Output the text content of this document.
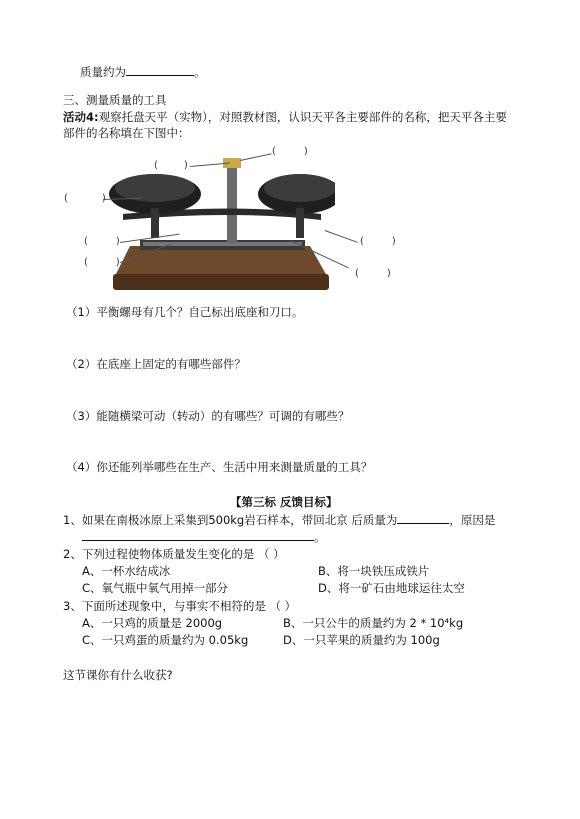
质量约为	。
三、测量质量的工具
活动4:观察托盘天平（实物），对照教材图，认识天平各主要部件的名称，把天平各主要
部件的名称填在下图中：
(
(	)
(	)
(	)
(	)
(	)
(	)
（1）平衡螺母有几个？自己标出底座和刀口。
（2）在底座上固定的有哪些部件？
（3）能随横梁可动（转动）的有哪些？可调的有哪些？
（4）你还能列举哪些在生产、生活中用来测量质量的工具？
【第三标 反馈目标】
1、如果在南极冰原上采集到500kg岩石样本，带回北京 后质量为	，原因是
。
2、下列过程使物体质量发生变化的是 （ ）
A、一杯水结成冰	B、将一块铁压成铁片
C、氧气瓶中氧气用掉一部分	D、将一矿石由地球运往太空
3、下面所述现象中，与事实不相符的是 （ ）
A、一只鸡的质量是 2000g	B、一只公牛的质量约为 2 * 10⁴kg
C、一只鸡蛋的质量约为 0.05kg	D、一只苹果的质量约为 100g
这节课你有什么收获?
